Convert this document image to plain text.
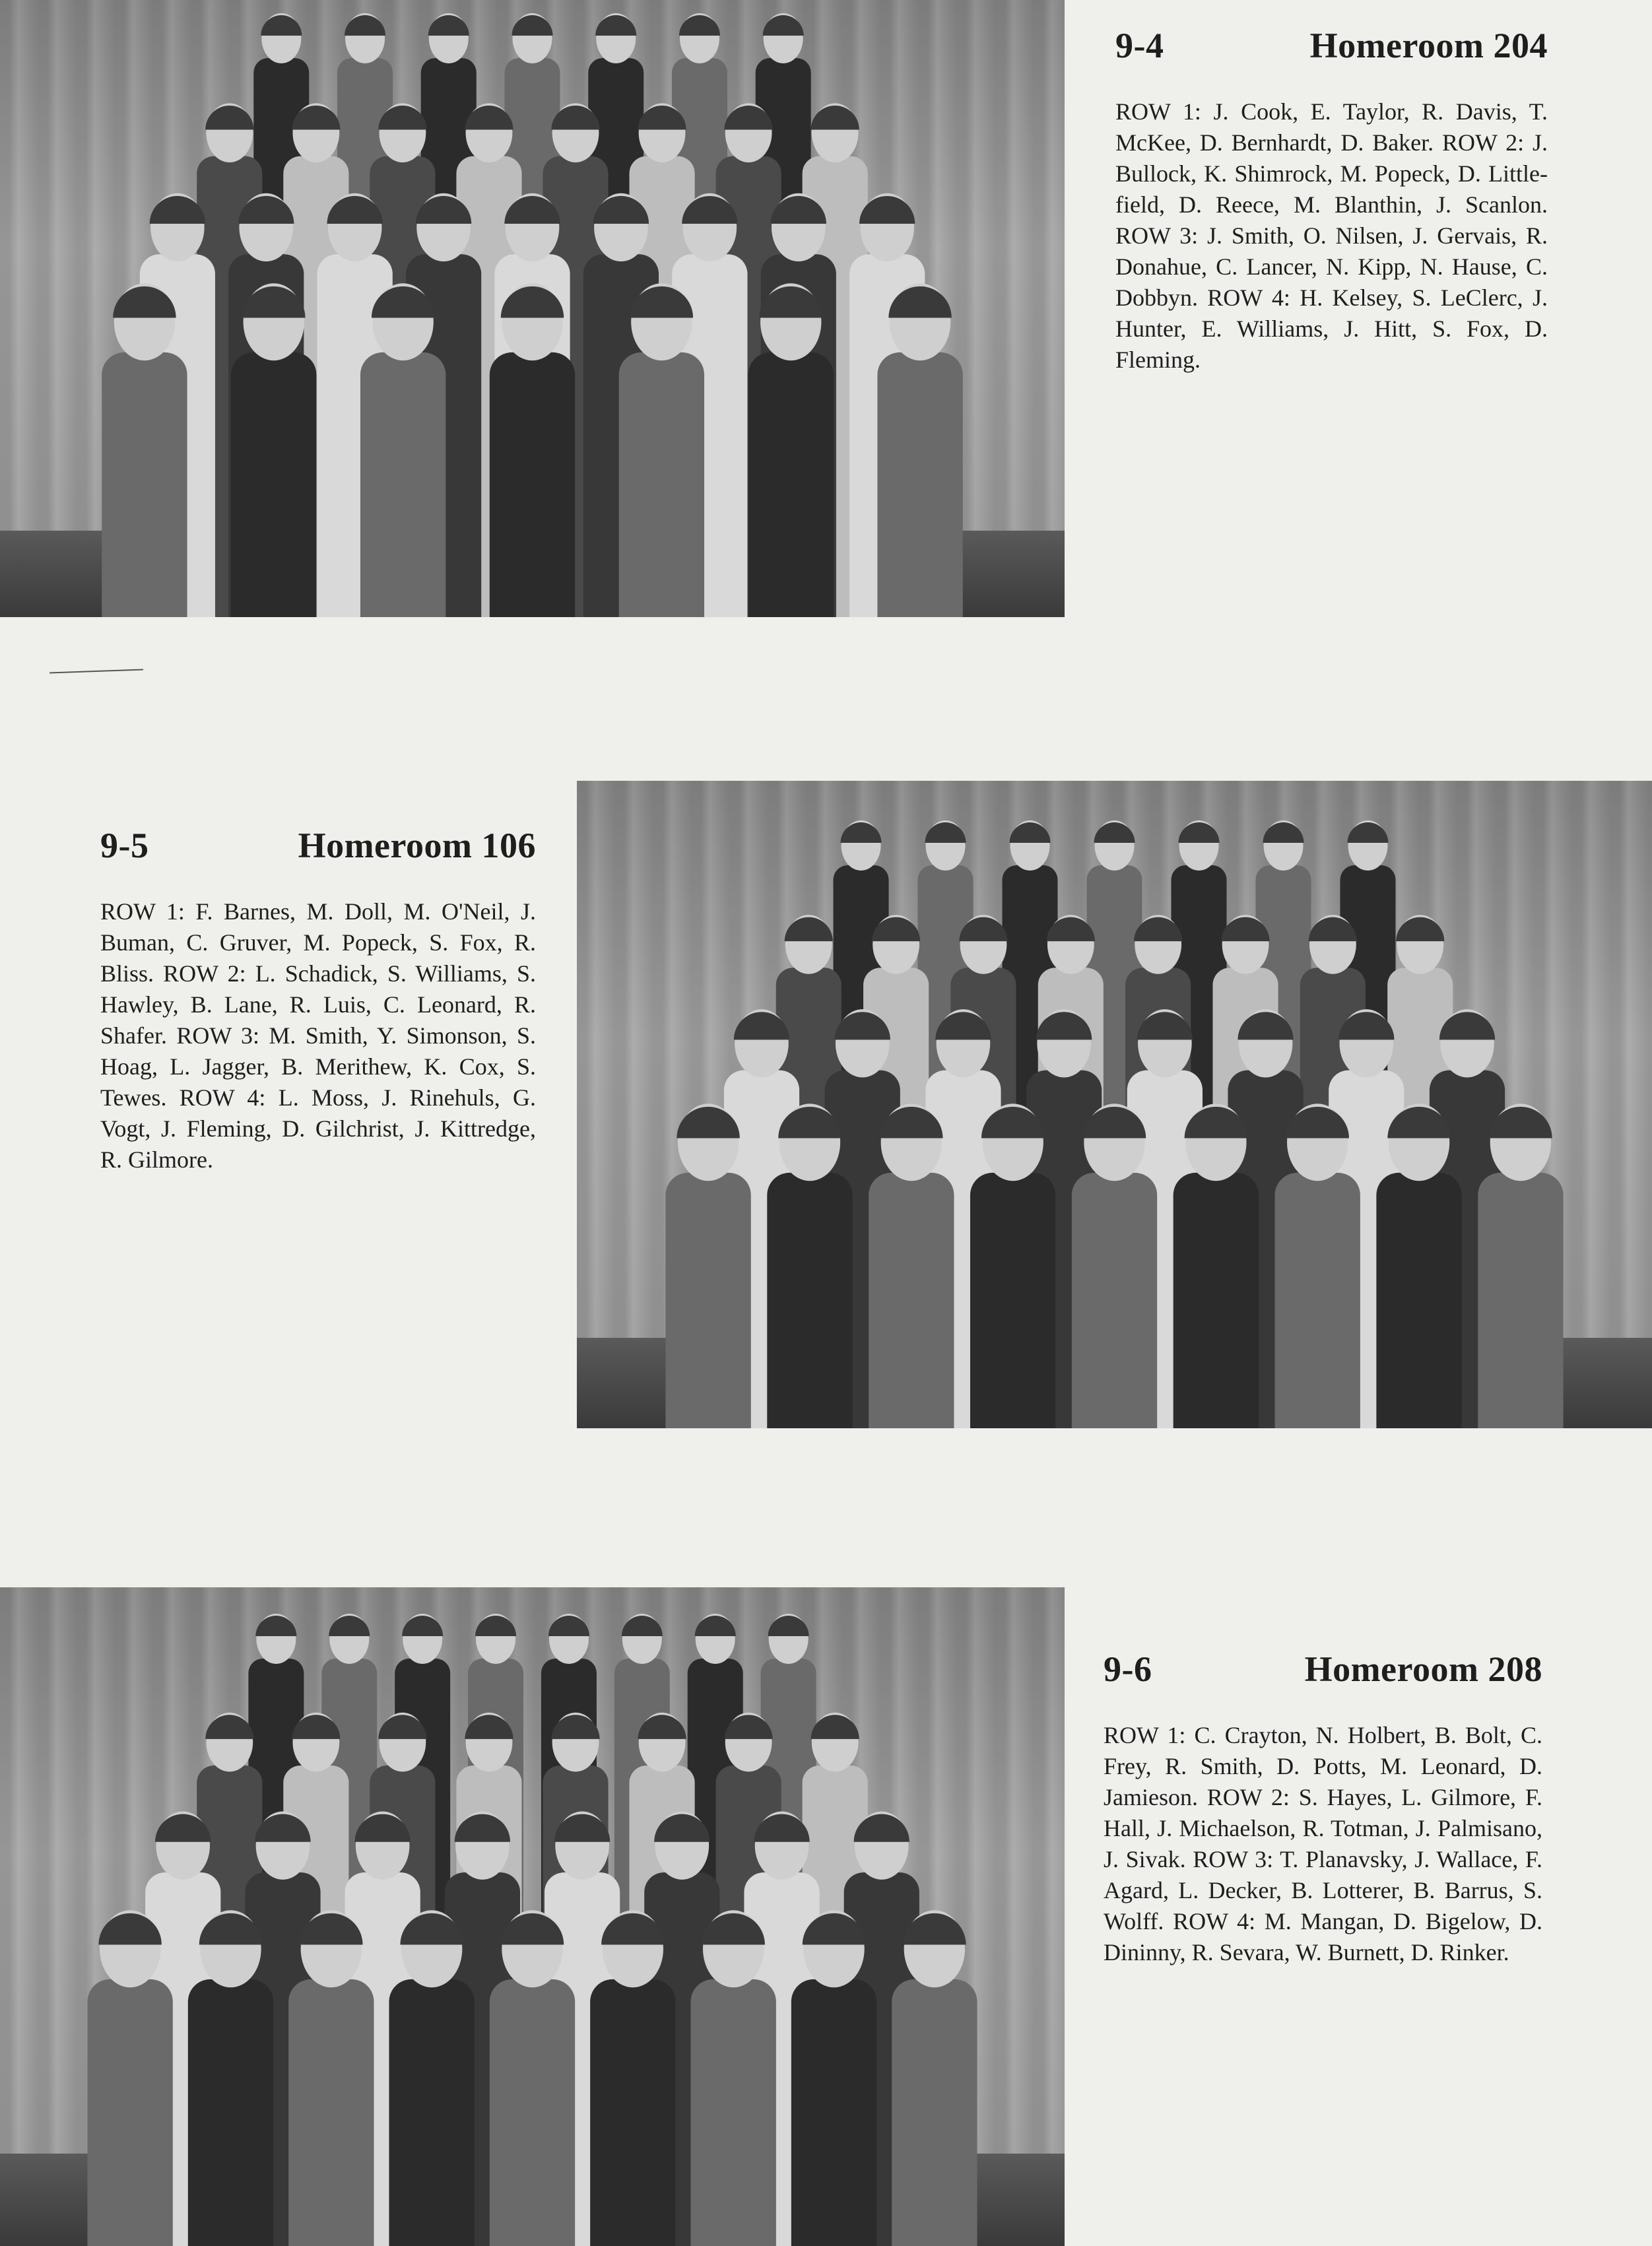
9-4	Homeroom 204
ROW 1: J. Cook, E. Taylor, R. Davis, T. McKee, D. Bernhardt, D. Baker. ROW 2: J. Bullock, K. Shimrock, M. Popeck, D. Little-field, D. Reece, M. Blanthin, J. Scanlon. ROW 3: J. Smith, O. Nilsen, J. Gervais, R. Donahue, C. Lancer, N. Kipp, N. Hause, C. Dobbyn. ROW 4: H. Kelsey, S. LeClerc, J. Hunter, E. Williams, J. Hitt, S. Fox, D. Fleming.
9-5	Homeroom 106
ROW 1: F. Barnes, M. Doll, M. O'Neil, J. Buman, C. Gruver, M. Popeck, S. Fox, R. Bliss. ROW 2: L. Schadick, S. Williams, S. Hawley, B. Lane, R. Luis, C. Leonard, R. Shafer. ROW 3: M. Smith, Y. Simonson, S. Hoag, L. Jagger, B. Merithew, K. Cox, S. Tewes. ROW 4: L. Moss, J. Rinehuls, G. Vogt, J. Fleming, D. Gilchrist, J. Kittredge, R. Gilmore.
9-6	Homeroom 208
ROW 1: C. Crayton, N. Holbert, B. Bolt, C. Frey, R. Smith, D. Potts, M. Leonard, D. Jamieson. ROW 2: S. Hayes, L. Gilmore, F. Hall, J. Michaelson, R. Totman, J. Palmisano, J. Sivak. ROW 3: T. Planavsky, J. Wallace, F. Agard, L. Decker, B. Lotterer, B. Barrus, S. Wolff. ROW 4: M. Mangan, D. Bigelow, D. Dininny, R. Sevara, W. Burnett, D. Rinker.
